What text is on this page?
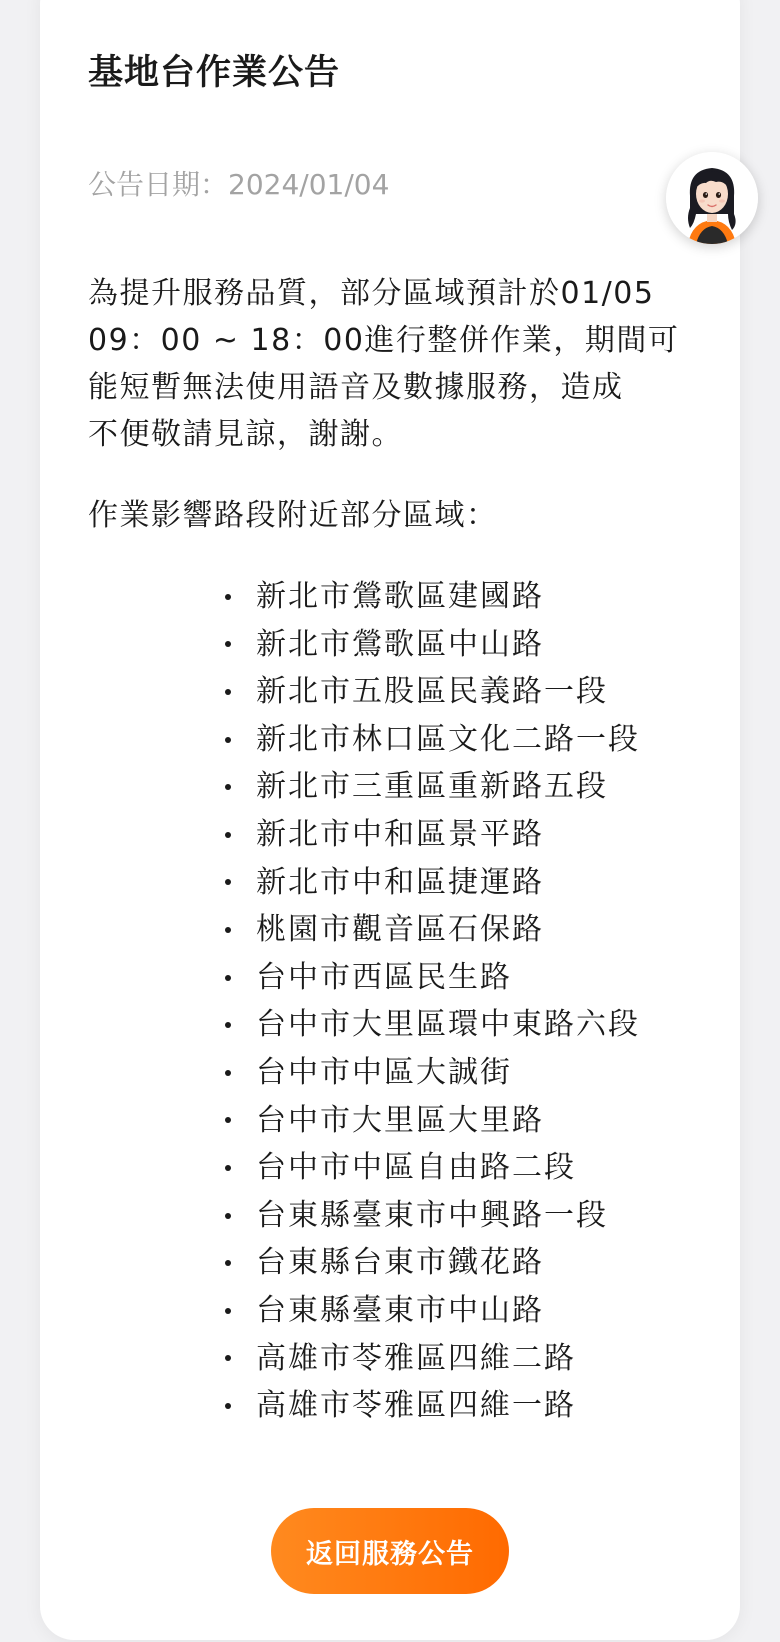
基地台作業公告

公告日期：2024/01/04

為提升服務品質，部分區域預計於01/05
09：00 ~ 18：00進行整併作業，期間可
能短暫無法使用語音及數據服務，造成
不便敬請見諒，謝謝。

作業影響路段附近部分區域：

新北市鶯歌區建國路
新北市鶯歌區中山路
新北市五股區民義路一段
新北市林口區文化二路一段
新北市三重區重新路五段
新北市中和區景平路
新北市中和區捷運路
桃園市觀音區石保路
台中市西區民生路
台中市大里區環中東路六段
台中市中區大誠街
台中市大里區大里路
台中市中區自由路二段
台東縣臺東市中興路一段
台東縣台東市鐵花路
台東縣臺東市中山路
高雄市苓雅區四維二路
高雄市苓雅區四維一路
返回服務公告
